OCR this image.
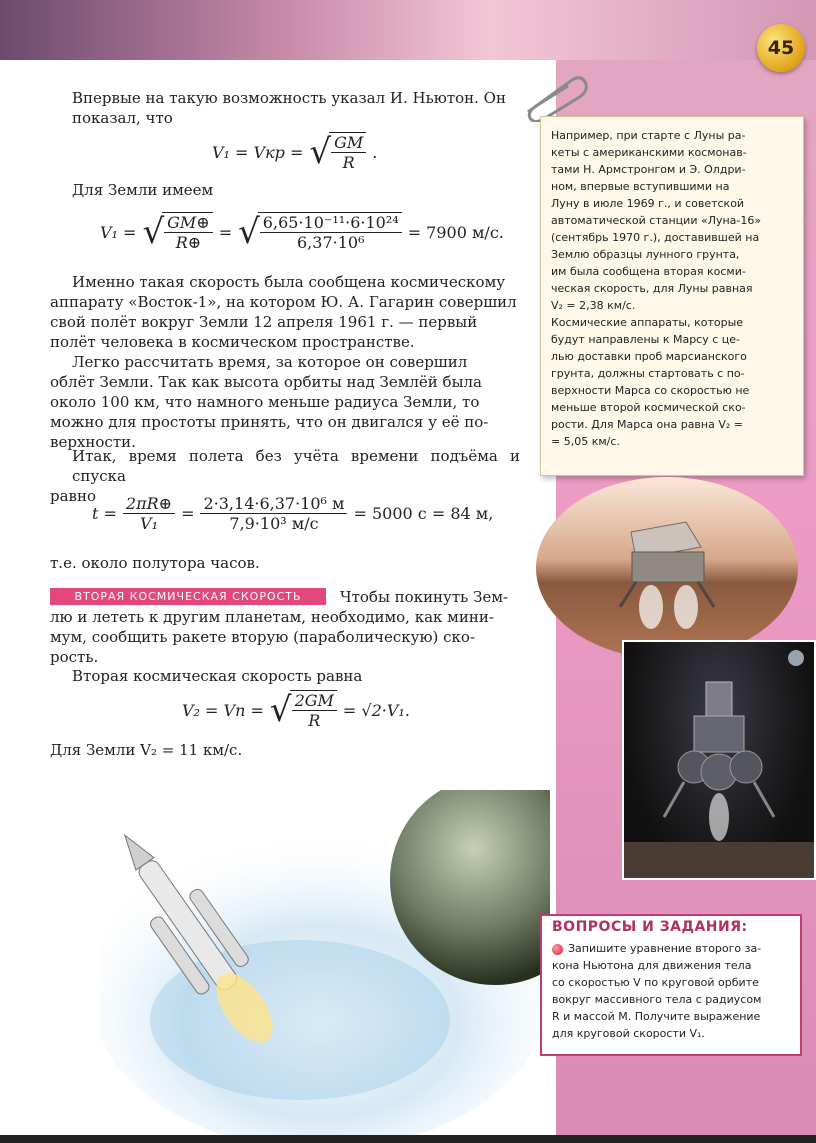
45
Впервые на такую возможность указал И. Ньютон. Он
показал, что
V₁ = Vкр = √ $\frac{GM}{R}$ .
Для Земли имеем
V₁ = √ $\frac{GM\oplus}{R\oplus}$ = √ $\frac{\text{6,65·10⁻¹¹·6·10²⁴}}{\text{6,37·10⁶}} = 7900$ м/с.
Именно такая скорость была сообщена космическому
аппарату «Восток-1», на котором Ю. А. Гагарин совершил
свой полёт вокруг Земли 12 апреля 1961 г. — первый
полёт человека в космическом пространстве.
Легко рассчитать время, за которое он совершил
облёт Земли. Так как высота орбиты над Землёй была
около 100 км, что намного меньше радиуса Земли, то
можно для простоты принять, что он двигался у её по-
верхности.
Итак, время полета без учёта времени подъёма и спуска
равно
$t = \frac{2\pi R\oplus}{\text{V₁}} = \frac{\text{2·3,14·6,37·10⁶ м}}{\text{7,9·10³ м/с}} = 5000$ с = 84 м,
т.е. около полутора часов.
ВТОРАЯ КОСМИЧЕСКАЯ СКОРОСТЬ	Чтобы покинуть Зем-
лю и лететь к другим планетам, необходимо, как мини-
мум, сообщить ракете вторую (параболическую) ско-
рость.
Вторая космическая скорость равна
V₂ = Vп = √ $\frac{2GM}{R} = √2\cdot V_1$.
Для Земли V₂ = 11 км/с.
Например, при старте с Луны ра-
кеты с американскими космонав-
тами Н. Армстронгом и Э. Олдри-
ном, впервые вступившими на
Луну в июле 1969 г., и советской
автоматической станции «Луна-16»
(сентябрь 1970 г.), доставившей на
Землю образцы лунного грунта,
им была сообщена вторая косми-
ческая скорость, для Луны равная
V₂ = 2,38 км/с.
Космические аппараты, которые
будут направлены к Марсу с це-
лью доставки проб марсианского
грунта, должны стартовать с по-
верхности Марса со скоростью не
меньше второй космической ско-
рости. Для Марса она равна V₂ =
= 5,05 км/с.
ВОПРОСЫ И ЗАДАНИЯ:
Запишите уравнение второго за-
кона Ньютона для движения тела
со скоростью V по круговой орбите
вокруг массивного тела с радиусом
R и массой M. Получите выражение
для круговой скорости V₁.
